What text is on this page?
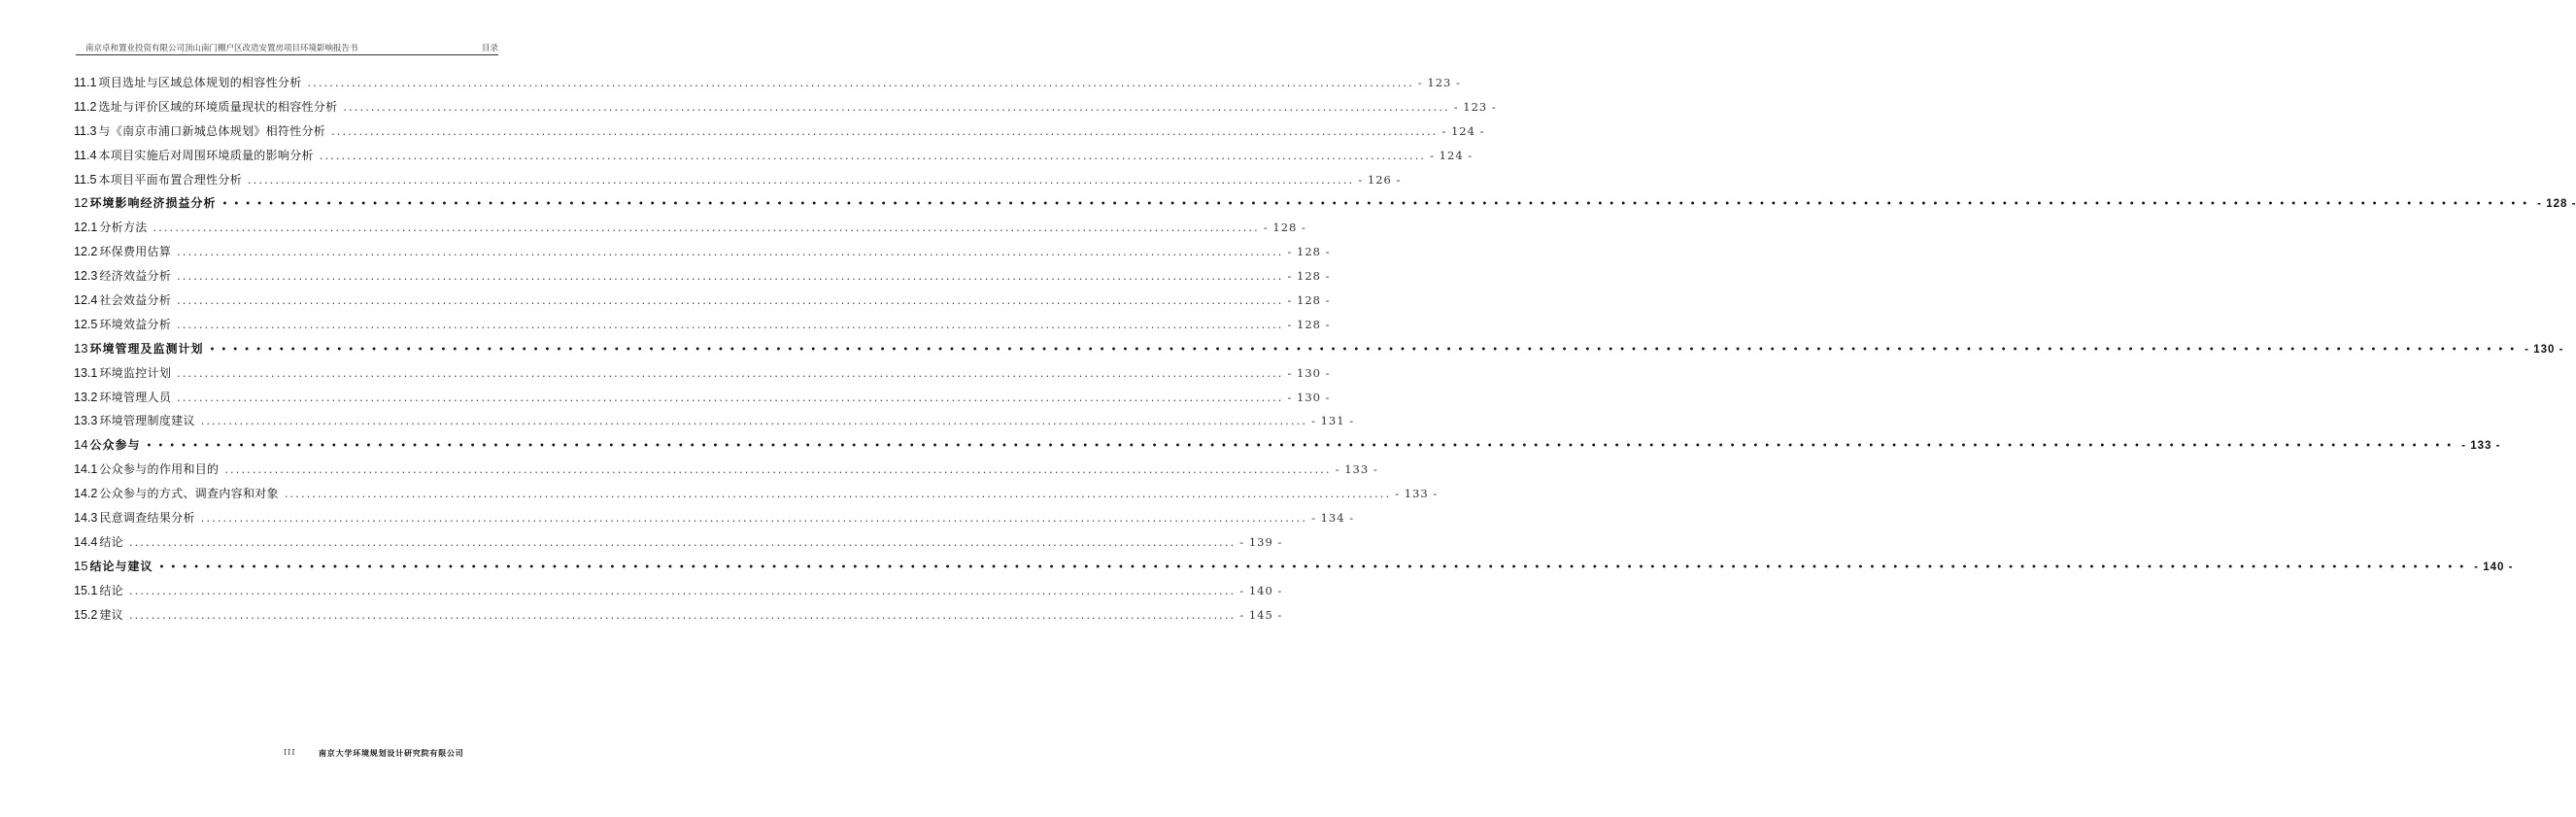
南京卓和置业投资有限公司顶山南门棚户区改造安置房项目环境影响报告书	目录
11.1 项目选址与区域总体规划的相容性分析 ........................................................................................................................................................................................................ - 123 -
11.2 选址与评价区域的环境质量现状的相容性分析 ........................................................................................................................................................................................................ - 123 -
11.3 与《南京市浦口新城总体规划》相符性分析 ........................................................................................................................................................................................................ - 124 -
11.4 本项目实施后对周围环境质量的影响分析 ........................................................................................................................................................................................................ - 124 -
11.5 本项目平面布置合理性分析 ........................................................................................................................................................................................................ - 126 -
12 环境影响经济损益分析 •••••••••••••••••••••••••••••••••••••••••••••••••••••••••••••••••••••••••••••••••••••••••••••••••••••••••••••••••••••••••••••••••••••••••••••••••••••••••••••••••••••••••••••••••••••••••••••••••••••••• - 128 -
12.1 分析方法 ........................................................................................................................................................................................................ - 128 -
12.2 环保费用估算 ........................................................................................................................................................................................................ - 128 -
12.3 经济效益分析 ........................................................................................................................................................................................................ - 128 -
12.4 社会效益分析 ........................................................................................................................................................................................................ - 128 -
12.5 环境效益分析 ........................................................................................................................................................................................................ - 128 -
13 环境管理及监测计划 •••••••••••••••••••••••••••••••••••••••••••••••••••••••••••••••••••••••••••••••••••••••••••••••••••••••••••••••••••••••••••••••••••••••••••••••••••••••••••••••••••••••••••••••••••••••••••••••••••••••• - 130 -
13.1 环境监控计划 ........................................................................................................................................................................................................ - 130 -
13.2 环境管理人员 ........................................................................................................................................................................................................ - 130 -
13.3 环境管理制度建议 ........................................................................................................................................................................................................ - 131 -
14 公众参与 •••••••••••••••••••••••••••••••••••••••••••••••••••••••••••••••••••••••••••••••••••••••••••••••••••••••••••••••••••••••••••••••••••••••••••••••••••••••••••••••••••••••••••••••••••••••••••••••••••••••• - 133 -
14.1 公众参与的作用和目的 ........................................................................................................................................................................................................ - 133 -
14.2 公众参与的方式、调查内容和对象 ........................................................................................................................................................................................................ - 133 -
14.3 民意调查结果分析 ........................................................................................................................................................................................................ - 134 -
14.4 结论 ........................................................................................................................................................................................................ - 139 -
15 结论与建议 •••••••••••••••••••••••••••••••••••••••••••••••••••••••••••••••••••••••••••••••••••••••••••••••••••••••••••••••••••••••••••••••••••••••••••••••••••••••••••••••••••••••••••••••••••••••••••••••••••••••• - 140 -
15.1 结论 ........................................................................................................................................................................................................ - 140 -
15.2 建议 ........................................................................................................................................................................................................ - 145 -
III	南京大学环境规划设计研究院有限公司
